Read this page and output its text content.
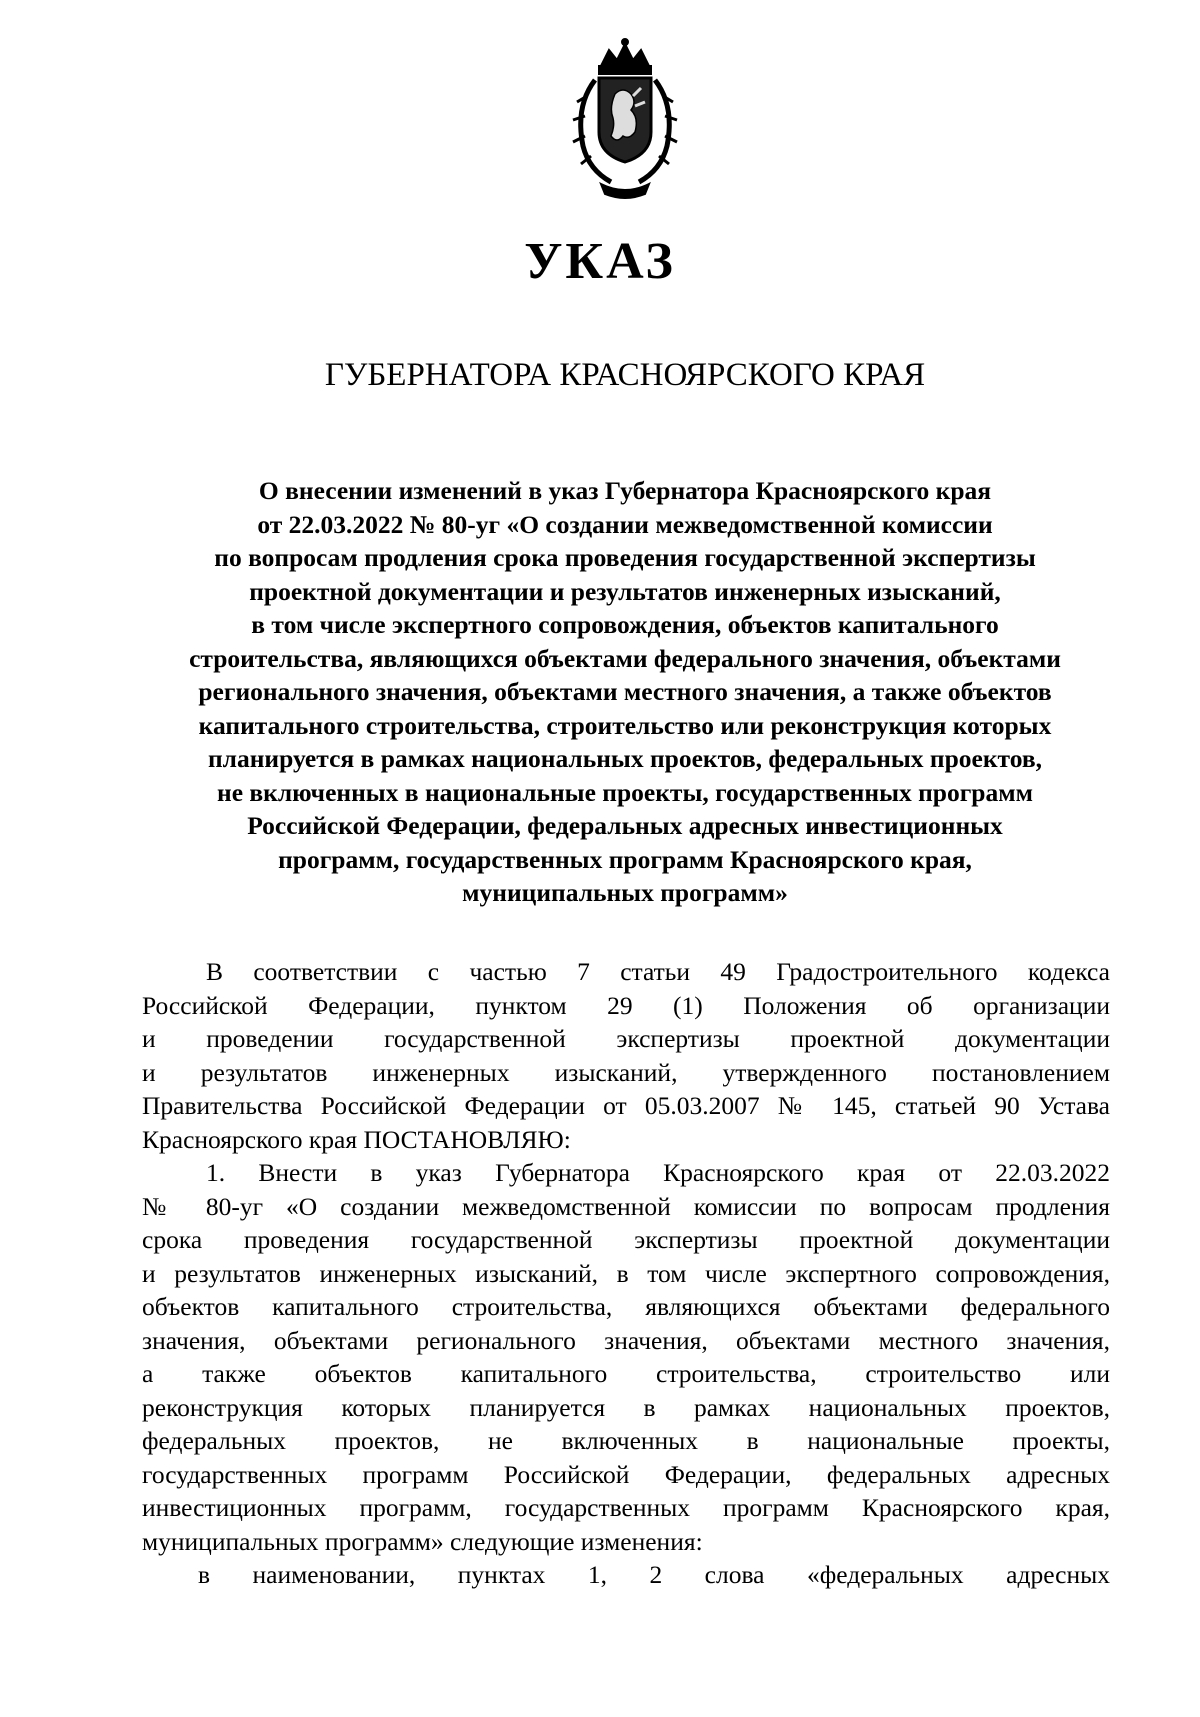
УКАЗ
ГУБЕРНАТОРА КРАСНОЯРСКОГО КРАЯ
О внесении изменений в указ Губернатора Красноярского края
от 22.03.2022 № 80-уг «О создании межведомственной комиссии
по вопросам продления срока проведения государственной экспертизы
проектной документации и результатов инженерных изысканий,
в том числе экспертного сопровождения, объектов капитального
строительства, являющихся объектами федерального значения, объектами
регионального значения, объектами местного значения, а также объектов
капитального строительства, строительство или реконструкция которых
планируется в рамках национальных проектов, федеральных проектов,
не включенных в национальные проекты, государственных программ
Российской Федерации, федеральных адресных инвестиционных
программ, государственных программ Красноярского края,
муниципальных программ»
В соответствии с частью 7 статьи 49 Градостроительного кодекса
Российской Федерации, пунктом 29 (1) Положения об организации
и проведении государственной экспертизы проектной документации
и результатов инженерных изысканий, утвержденного постановлением
Правительства Российской Федерации от 05.03.2007 № 145, статьей 90 Устава
Красноярского края ПОСТАНОВЛЯЮ:
1. Внести в указ Губернатора Красноярского края от 22.03.2022
№ 80-уг «О создании межведомственной комиссии по вопросам продления
срока проведения государственной экспертизы проектной документации
и результатов инженерных изысканий, в том числе экспертного сопровождения,
объектов капитального строительства, являющихся объектами федерального
значения, объектами регионального значения, объектами местного значения,
а также объектов капитального строительства, строительство или
реконструкция которых планируется в рамках национальных проектов,
федеральных проектов, не включенных в национальные проекты,
государственных программ Российской Федерации, федеральных адресных
инвестиционных программ, государственных программ Красноярского края,
муниципальных программ» следующие изменения:
в наименовании, пунктах 1, 2 слова «федеральных адресных
